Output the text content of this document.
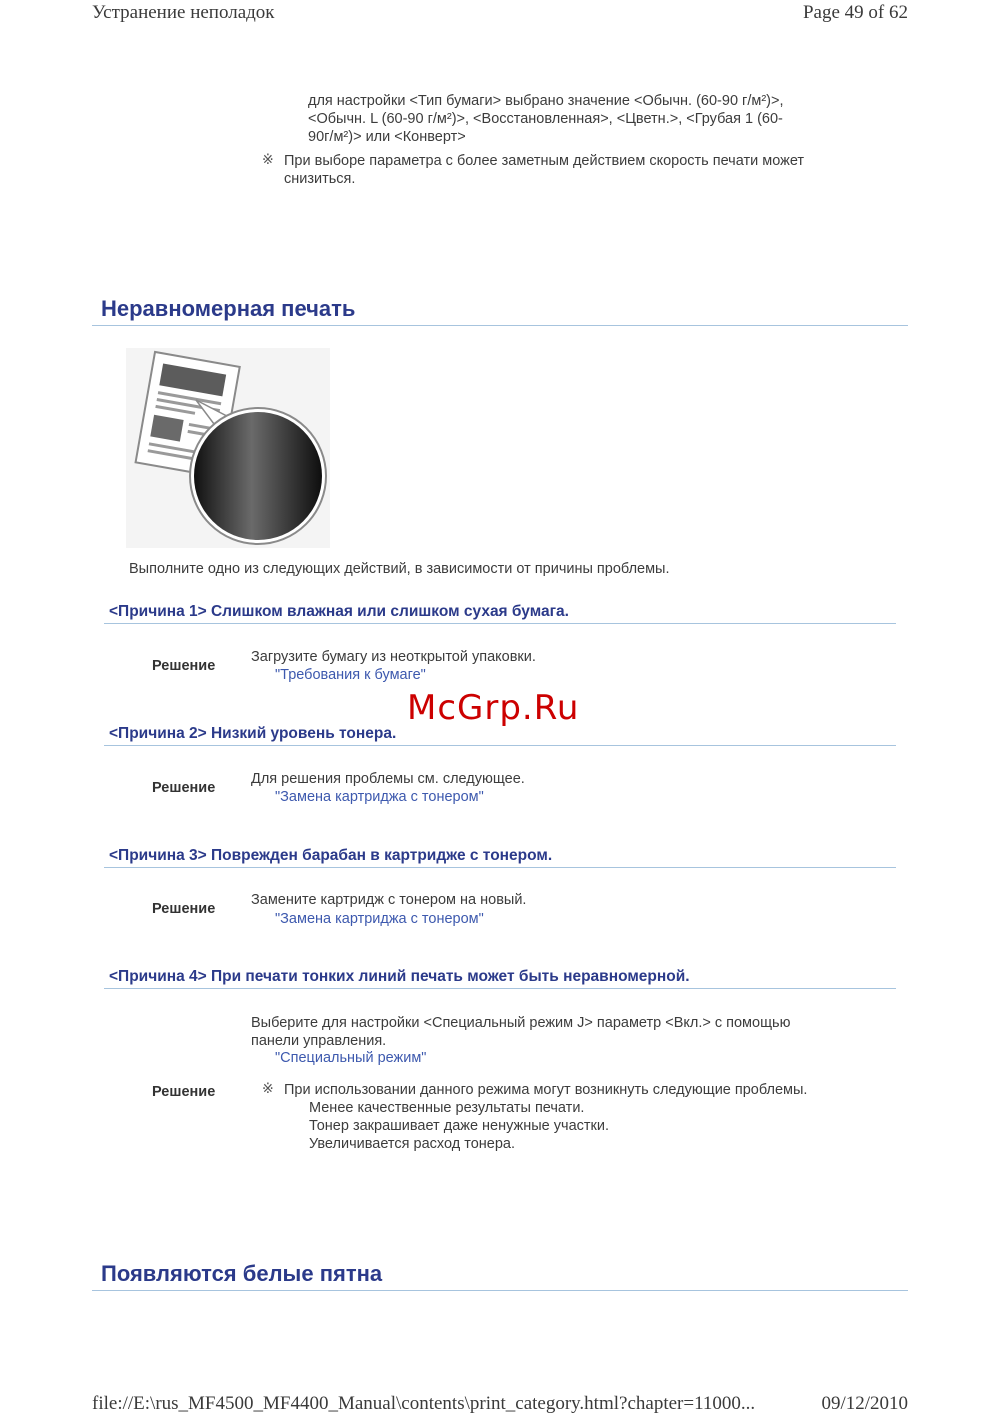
Устранение неполадок	Page 49 of 62
для настройки <Тип бумаги> выбрано значение <Обычн. (60-90 г/м²)>,
<Обычн. L (60-90 г/м²)>, <Восстановленная>, <Цветн.>, <Грубая 1 (60-
90г/м²)> или <Конверт>
※ При выборе параметра с более заметным действием скорость печати может
снизиться.
Неравномерная печать
Выполните одно из следующих действий, в зависимости от причины проблемы.
<Причина 1> Слишком влажная или слишком сухая бумага.
Решение
Загрузите бумагу из неоткрытой упаковки.
"Требования к бумаге"
<Причина 2> Низкий уровень тонера.
Решение
Для решения проблемы см. следующее.
"Замена картриджа с тонером"
<Причина 3> Поврежден барабан в картридже с тонером.
Решение
Замените картридж с тонером на новый.
"Замена картриджа с тонером"
<Причина 4> При печати тонких линий печать может быть неравномерной.
Выберите для настройки <Специальный режим J> параметр <Вкл.> с помощью
панели управления.
"Специальный режим"
Решение	※ При использовании данного режима могут возникнуть следующие проблемы.
Менее качественные результаты печати.
Тонер закрашивает даже ненужные участки.
Увеличивается расход тонера.
McGrp.Ru
Появляются белые пятна
file://E:\rus_MF4500_MF4400_Manual\contents\print_category.html?chapter=11000...	09/12/2010
